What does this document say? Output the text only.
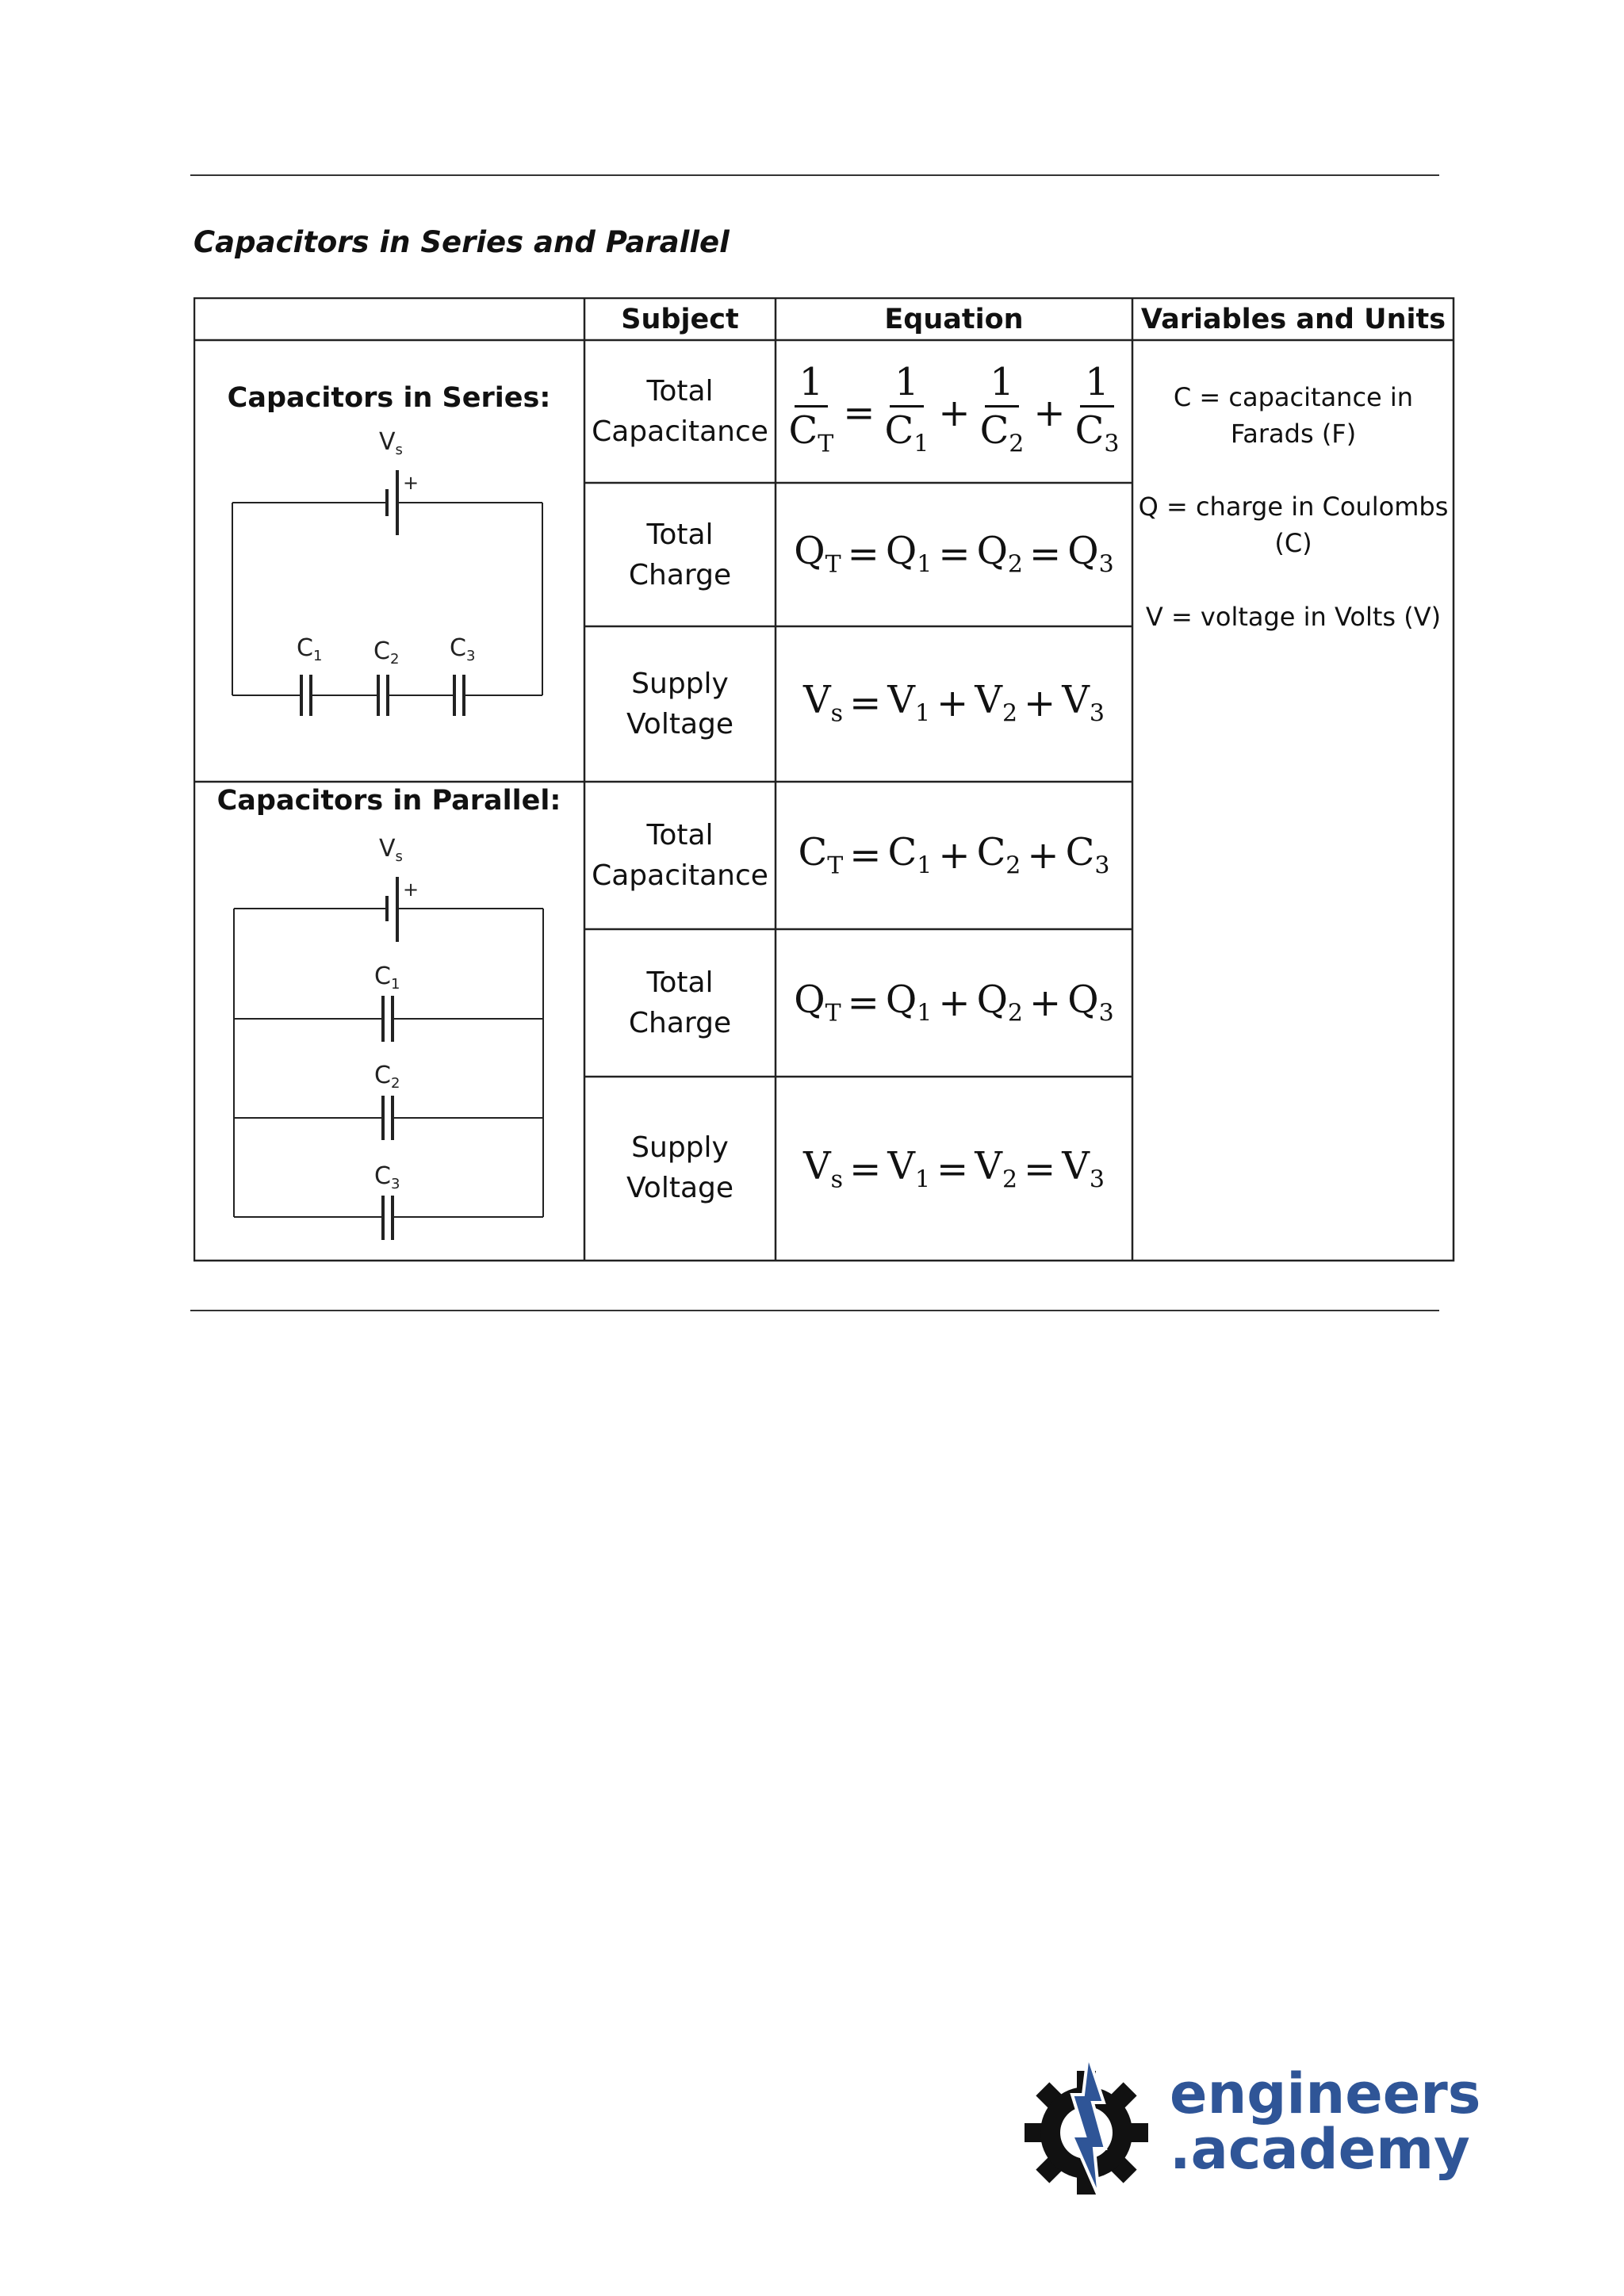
Capacitors in Series and Parallel
Subject	Equation	Variables and Units
Capacitors in Series:
$V_s$
+
$C_1$ $C_2$ $C_3$
Total
Capacitance
Total
Charge
Supply
Voltage
$\frac{1}{C_T} = \frac{1}{C_1} + \frac{1}{C_2} + \frac{1}{C_3}$
$Q_T = Q_1 = Q_2 = Q_3$
$V_s = V_1 + V_2 + V_3$
Capacitors in Parallel:
$V_s$
+
$C_1$
$C_2$
$C_3$
Total
Capacitance
Total
Charge
Supply
Voltage
$C_T = C_1 + C_2 + C_3$
$Q_T = Q_1 + Q_2 + Q_3$
$V_s = V_1 = V_2 = V_3$
C = capacitance in
Farads (F)
Q = charge in Coulombs
(C)
V = voltage in Volts (V)
engineers
.academy
